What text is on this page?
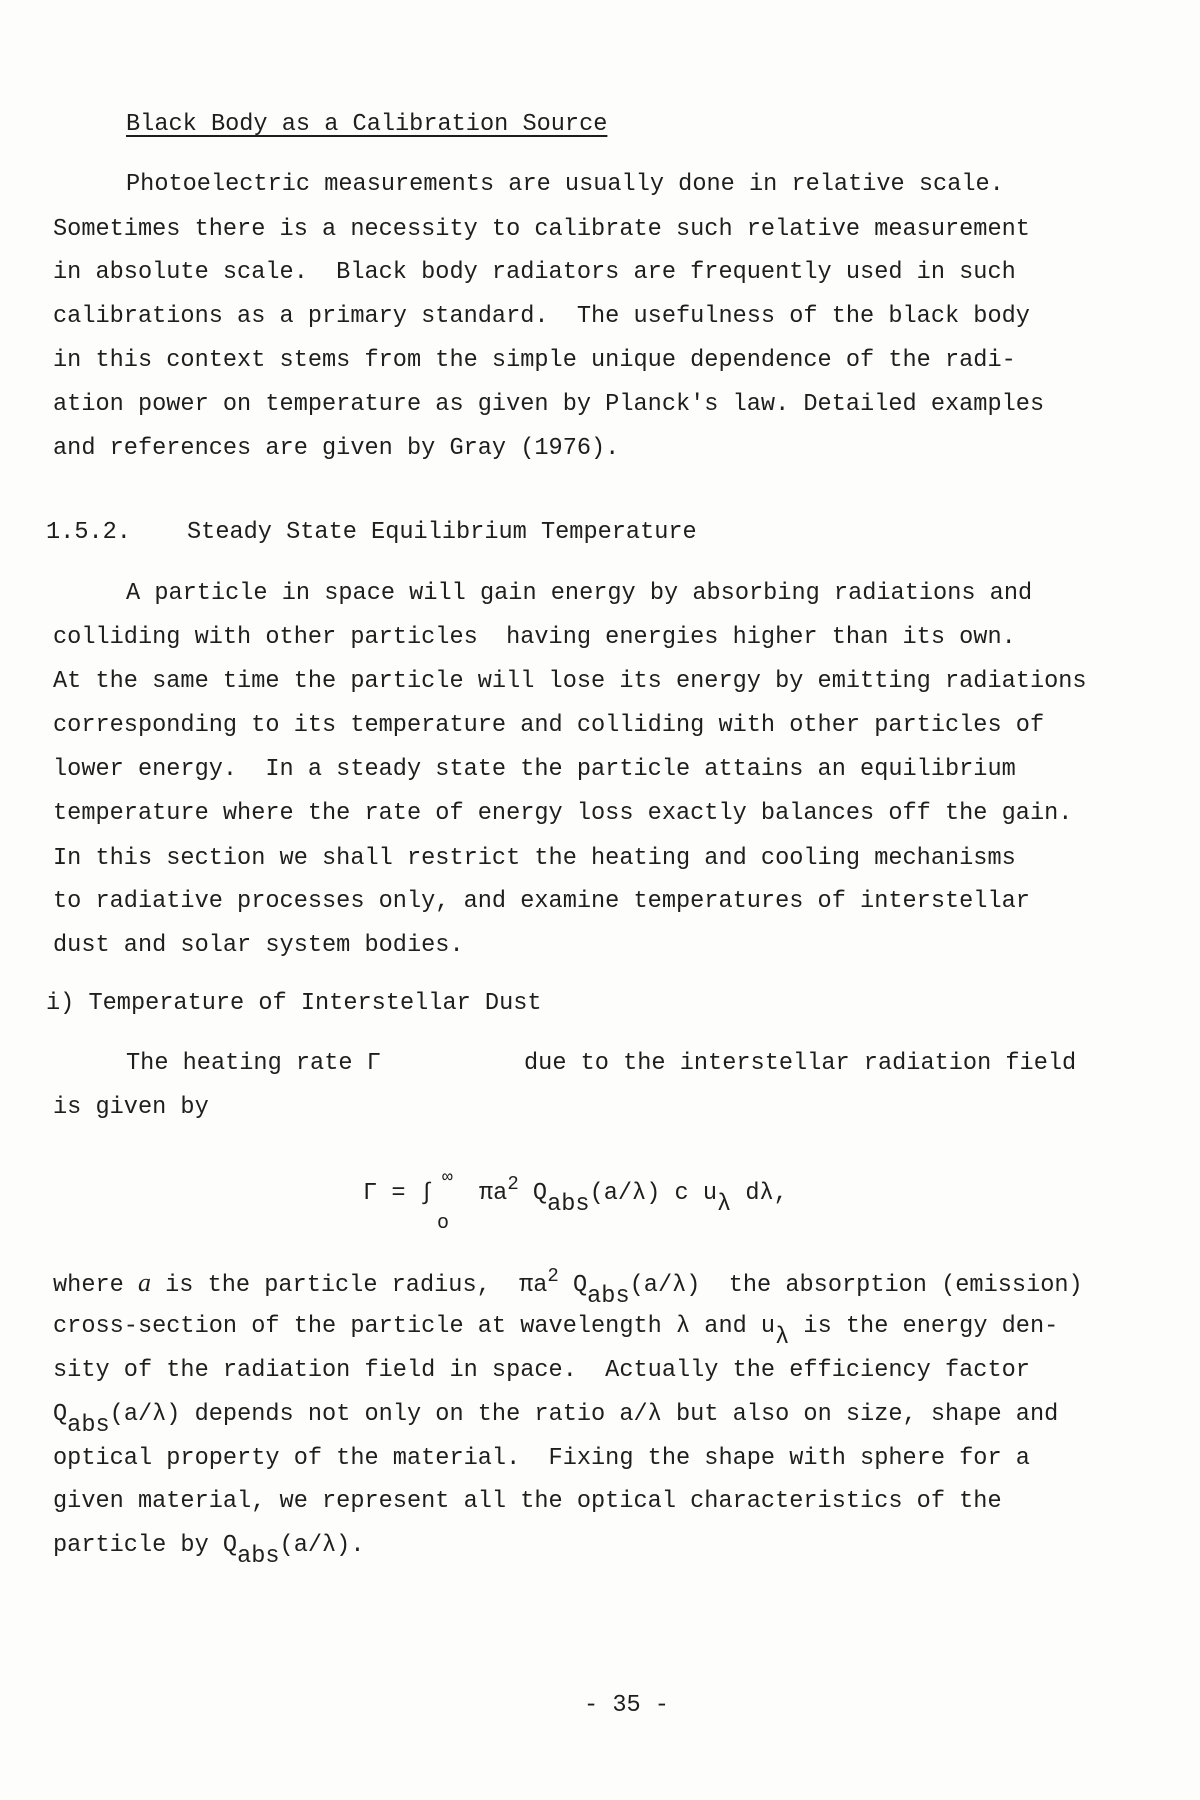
Black Body as a Calibration Source
Photoelectric measurements are usually done in relative scale.
Sometimes there is a necessity to calibrate such relative measurement
in absolute scale.  Black body radiators are frequently used in such
calibrations as a primary standard.  The usefulness of the black body
in this context stems from the simple unique dependence of the radi-
ation power on temperature as given by Planck's law. Detailed examples
and references are given by Gray (1976).
1.5.2. Steady State Equilibrium Temperature
A particle in space will gain energy by absorbing radiations and
colliding with other particles  having energies higher than its own.
At the same time the particle will lose its energy by emitting radiations
corresponding to its temperature and colliding with other particles of
lower energy.  In a steady state the particle attains an equilibrium
temperature where the rate of energy loss exactly balances off the gain.
In this section we shall restrict the heating and cooling mechanisms
to radiative processes only, and examine temperatures of interstellar
dust and solar system bodies.
i) Temperature of Interstellar Dust
The heating rate Γ	due to the interstellar radiation field
is given by
Γ = ∫
∞
o
$\pi a^2$ Qabs(a/λ) c uλ dλ,
where a is the particle radius,  $\pi a^2$ Qabs(a/λ)  the absorption (emission)
cross-section of the particle at wavelength λ and uλ is the energy den-
sity of the radiation field in space.  Actually the efficiency factor
Qabs(a/λ) depends not only on the ratio a/λ but also on size, shape and
optical property of the material.  Fixing the shape with sphere for a
given material, we represent all the optical characteristics of the
particle by Qabs(a/λ).
- 35 -
